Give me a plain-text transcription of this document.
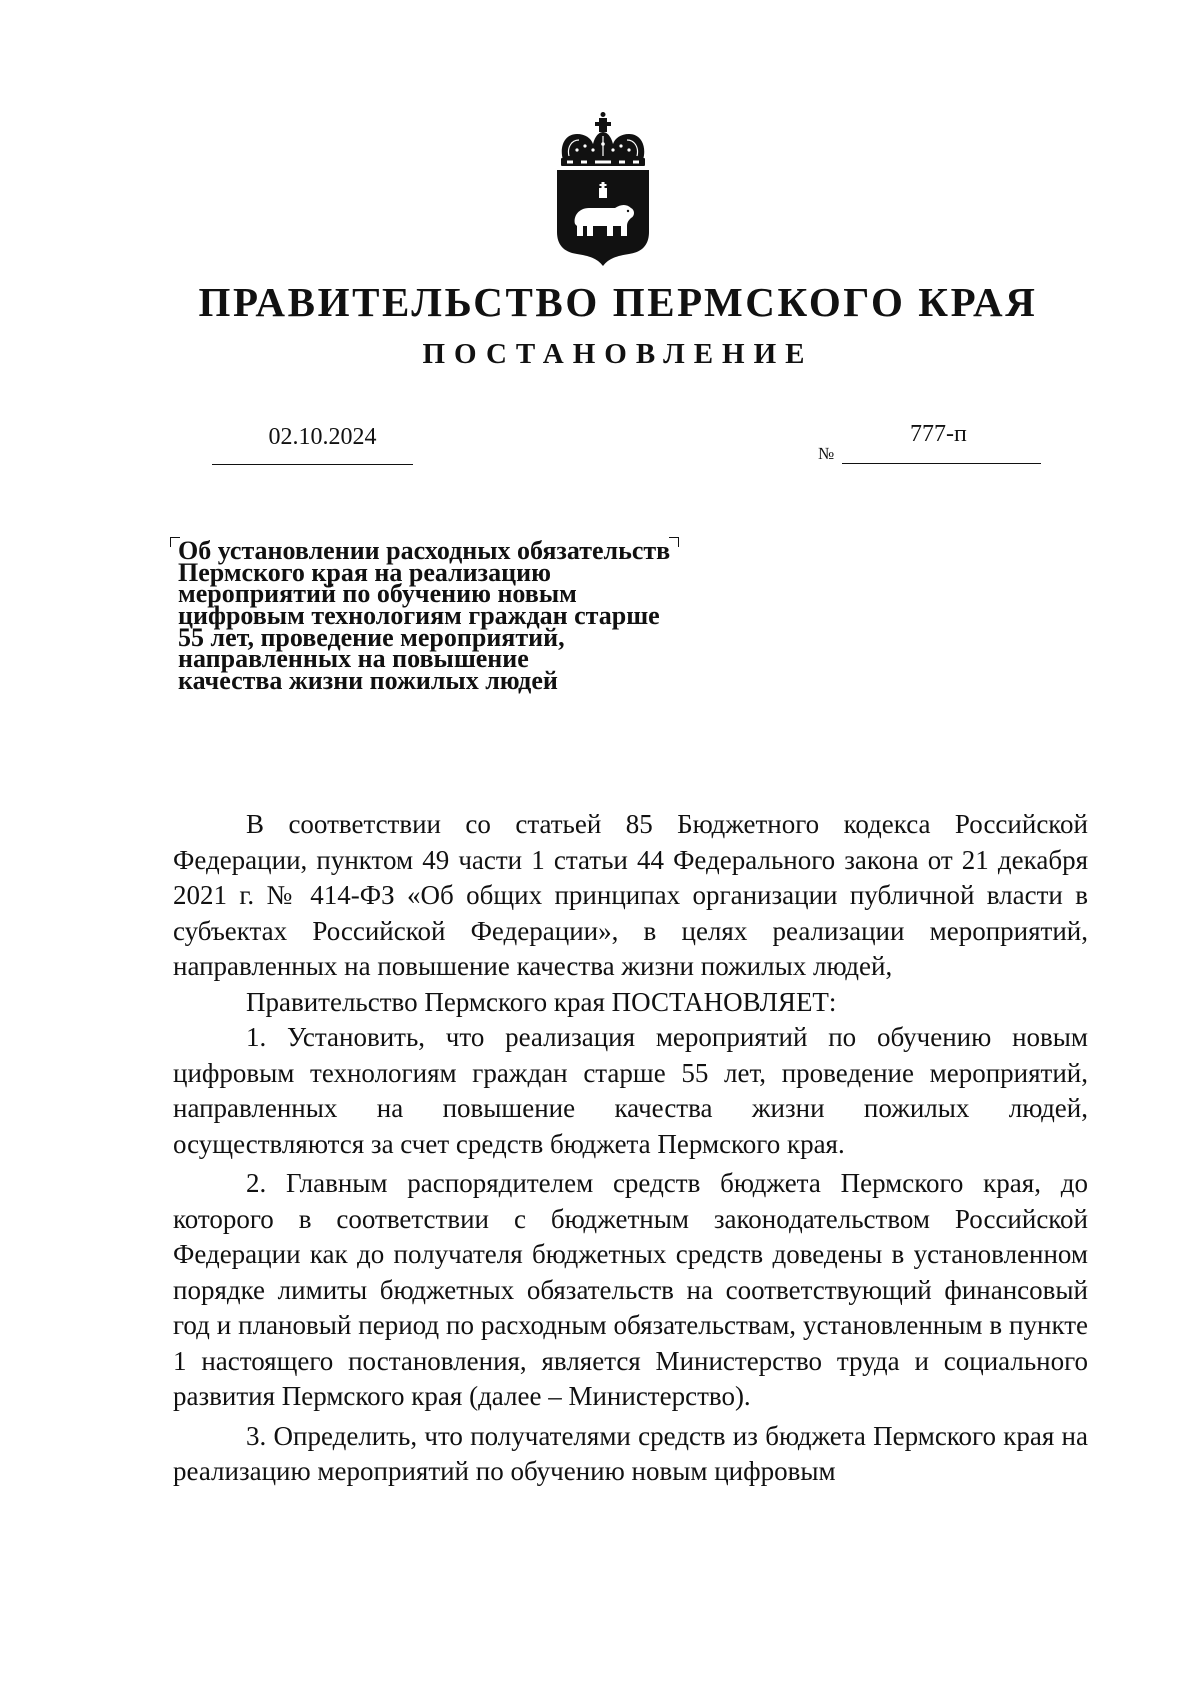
ПРАВИТЕЛЬСТВО ПЕРМСКОГО КРАЯ
ПОСТАНОВЛЕНИЕ
02.10.2024
№
777-п
Об установлении расходных обязательств
Пермского края на реализацию
мероприятий по обучению новым
цифровым технологиям граждан старше
55 лет, проведение мероприятий,
направленных на повышение
качества жизни пожилых людей

В соответствии со статьей 85 Бюджетного кодекса Российской Федерации, пунктом 49 части 1 статьи 44 Федерального закона от 21 декабря 2021 г. № 414-ФЗ «Об общих принципах организации публичной власти в субъектах Российской Федерации», в целях реализации мероприятий, направленных на повышение качества жизни пожилых людей,

Правительство Пермского края ПОСТАНОВЛЯЕТ:

1. Установить, что реализация мероприятий по обучению новым цифровым технологиям граждан старше 55 лет, проведение мероприятий, направленных на повышение качества жизни пожилых людей, осуществляются за счет средств бюджета Пермского края.

2. Главным распорядителем средств бюджета Пермского края, до которого в соответствии с бюджетным законодательством Российской Федерации как до получателя бюджетных средств доведены в установленном порядке лимиты бюджетных обязательств на соответствующий финансовый год и плановый период по расходным обязательствам, установленным в пункте 1 настоящего постановления, является Министерство труда и социального развития Пермского края (далее – Министерство).

3. Определить, что получателями средств из бюджета Пермского края на реализацию мероприятий по обучению новым цифровым
